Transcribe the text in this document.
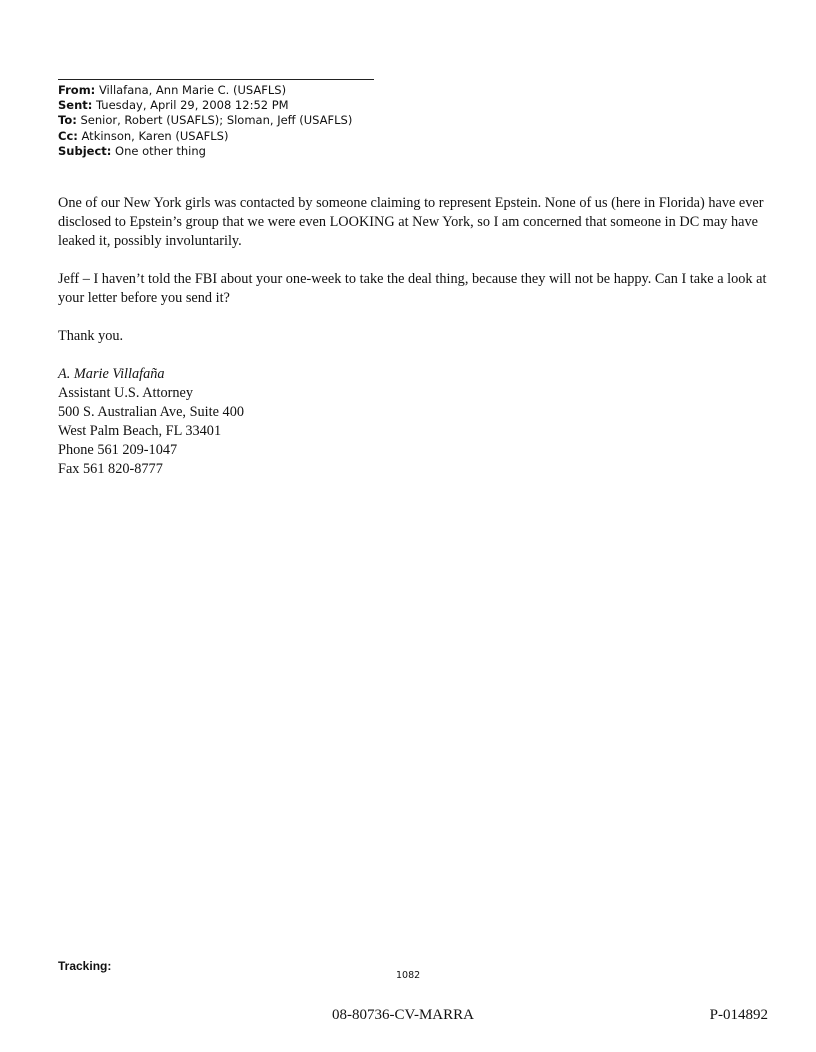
From: Villafana, Ann Marie C. (USAFLS)
Sent: Tuesday, April 29, 2008 12:52 PM
To: Senior, Robert (USAFLS); Sloman, Jeff (USAFLS)
Cc: Atkinson, Karen (USAFLS)
Subject: One other thing

One of our New York girls was contacted by someone claiming to represent Epstein. None of us (here in Florida) have ever disclosed to Epstein’s group that we were even LOOKING at New York, so I am concerned that someone in DC may have leaked it, possibly involuntarily.

Jeff – I haven’t told the FBI about your one-week to take the deal thing, because they will not be happy. Can I take a look at your letter before you send it?

Thank you.

A. Marie Villafaña
Assistant U.S. Attorney
500 S. Australian Ave, Suite 400
West Palm Beach, FL 33401
Phone 561 209-1047
Fax 561 820-8777
Tracking:
1082
08-80736-CV-MARRA	P-014892
